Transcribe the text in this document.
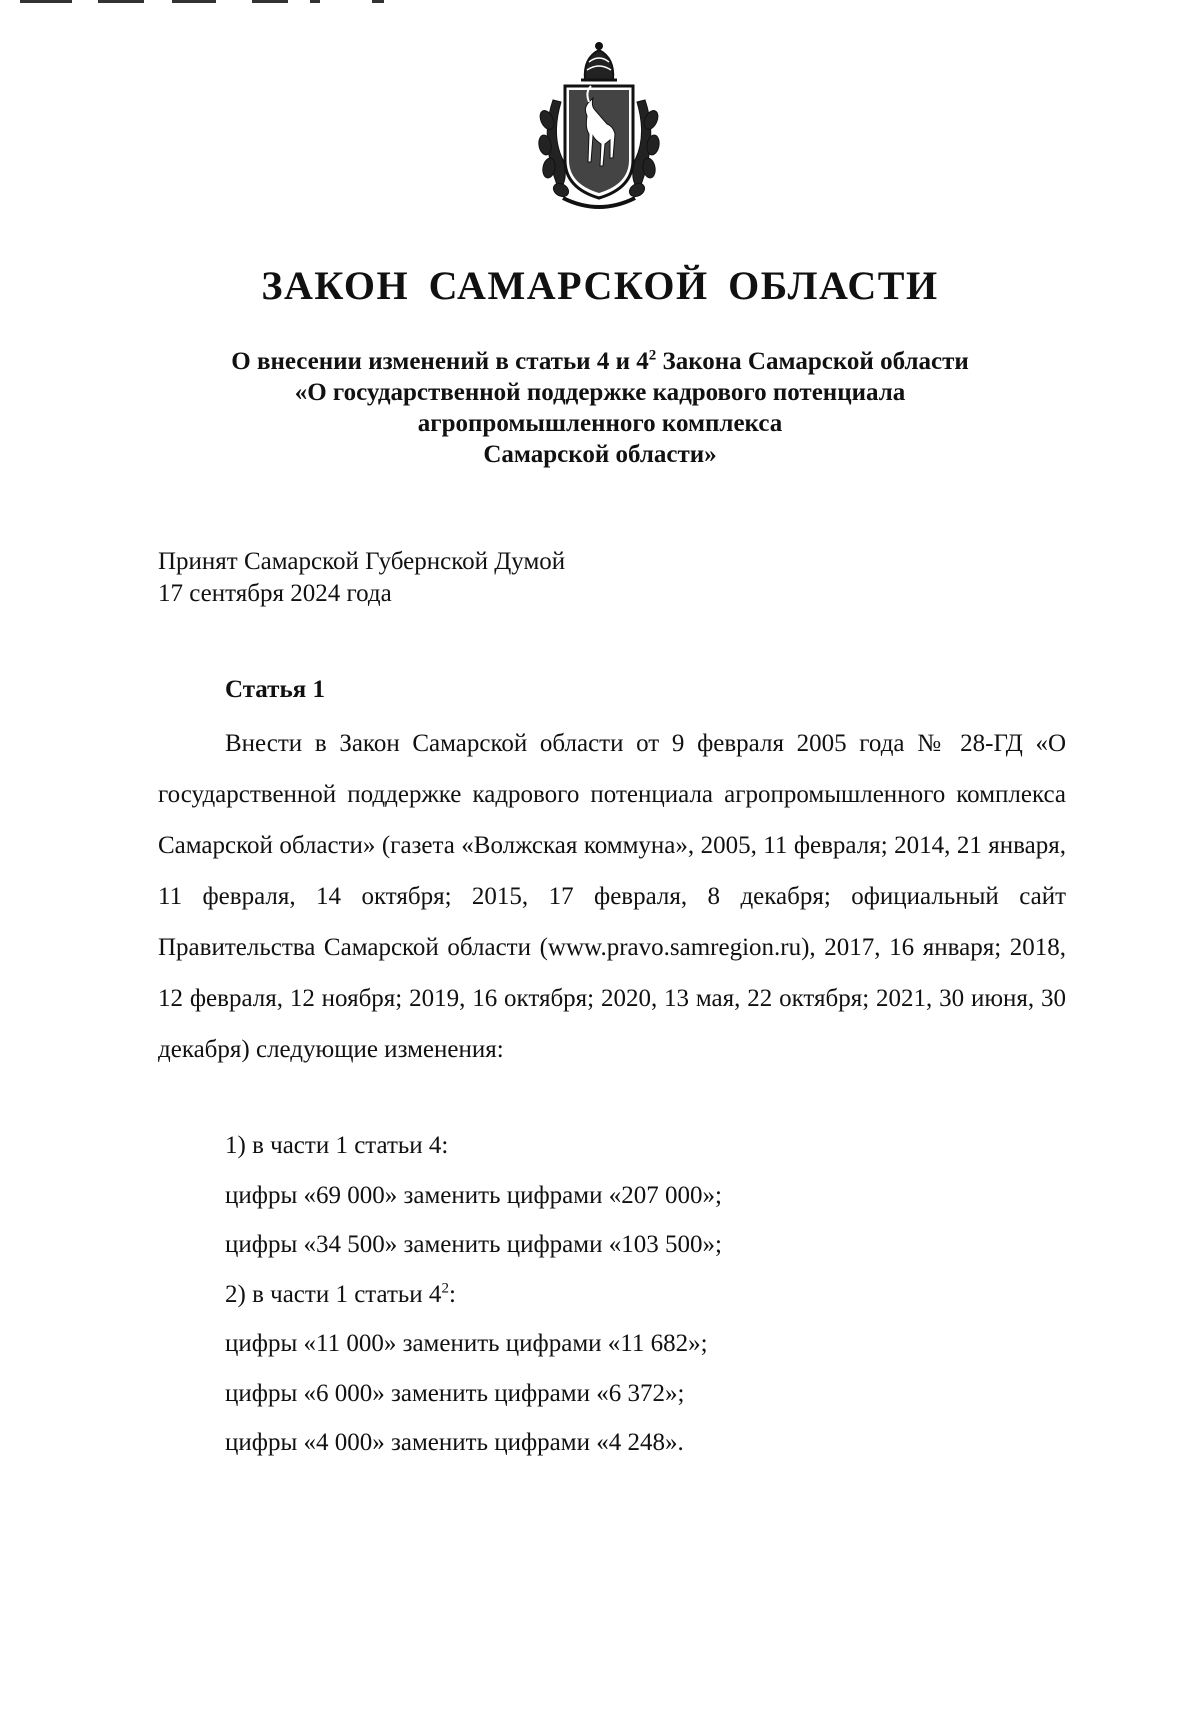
ЗАКОН САМАРСКОЙ ОБЛАСТИ
О внесении изменений в статьи 4 и $4^2$ Закона Самарской области
«О государственной поддержке кадрового потенциала
агропромышленного комплекса
Самарской области»
Принят Самарской Губернской Думой
17 сентября 2024 года
Статья 1
Внести в Закон Самарской области от 9 февраля 2005 года № 28-ГД «О государственной поддержке кадрового потенциала агропромышленного комплекса Самарской области» (газета «Волжская коммуна», 2005, 11 февраля; 2014, 21 января, 11 февраля, 14 октября; 2015, 17 февраля, 8 декабря; официальный сайт Правительства Самарской области (www.pravo.samregion.ru), 2017, 16 января; 2018, 12 февраля, 12 ноября; 2019, 16 октября; 2020, 13 мая, 22 октября; 2021, 30 июня, 30 декабря) следующие изменения:
1) в части 1 статьи 4:
цифры «69 000» заменить цифрами «207 000»;
цифры «34 500» заменить цифрами «103 500»;
2) в части 1 статьи $4^2$:
цифры «11 000» заменить цифрами «11 682»;
цифры «6 000» заменить цифрами «6 372»;
цифры «4 000» заменить цифрами «4 248».
